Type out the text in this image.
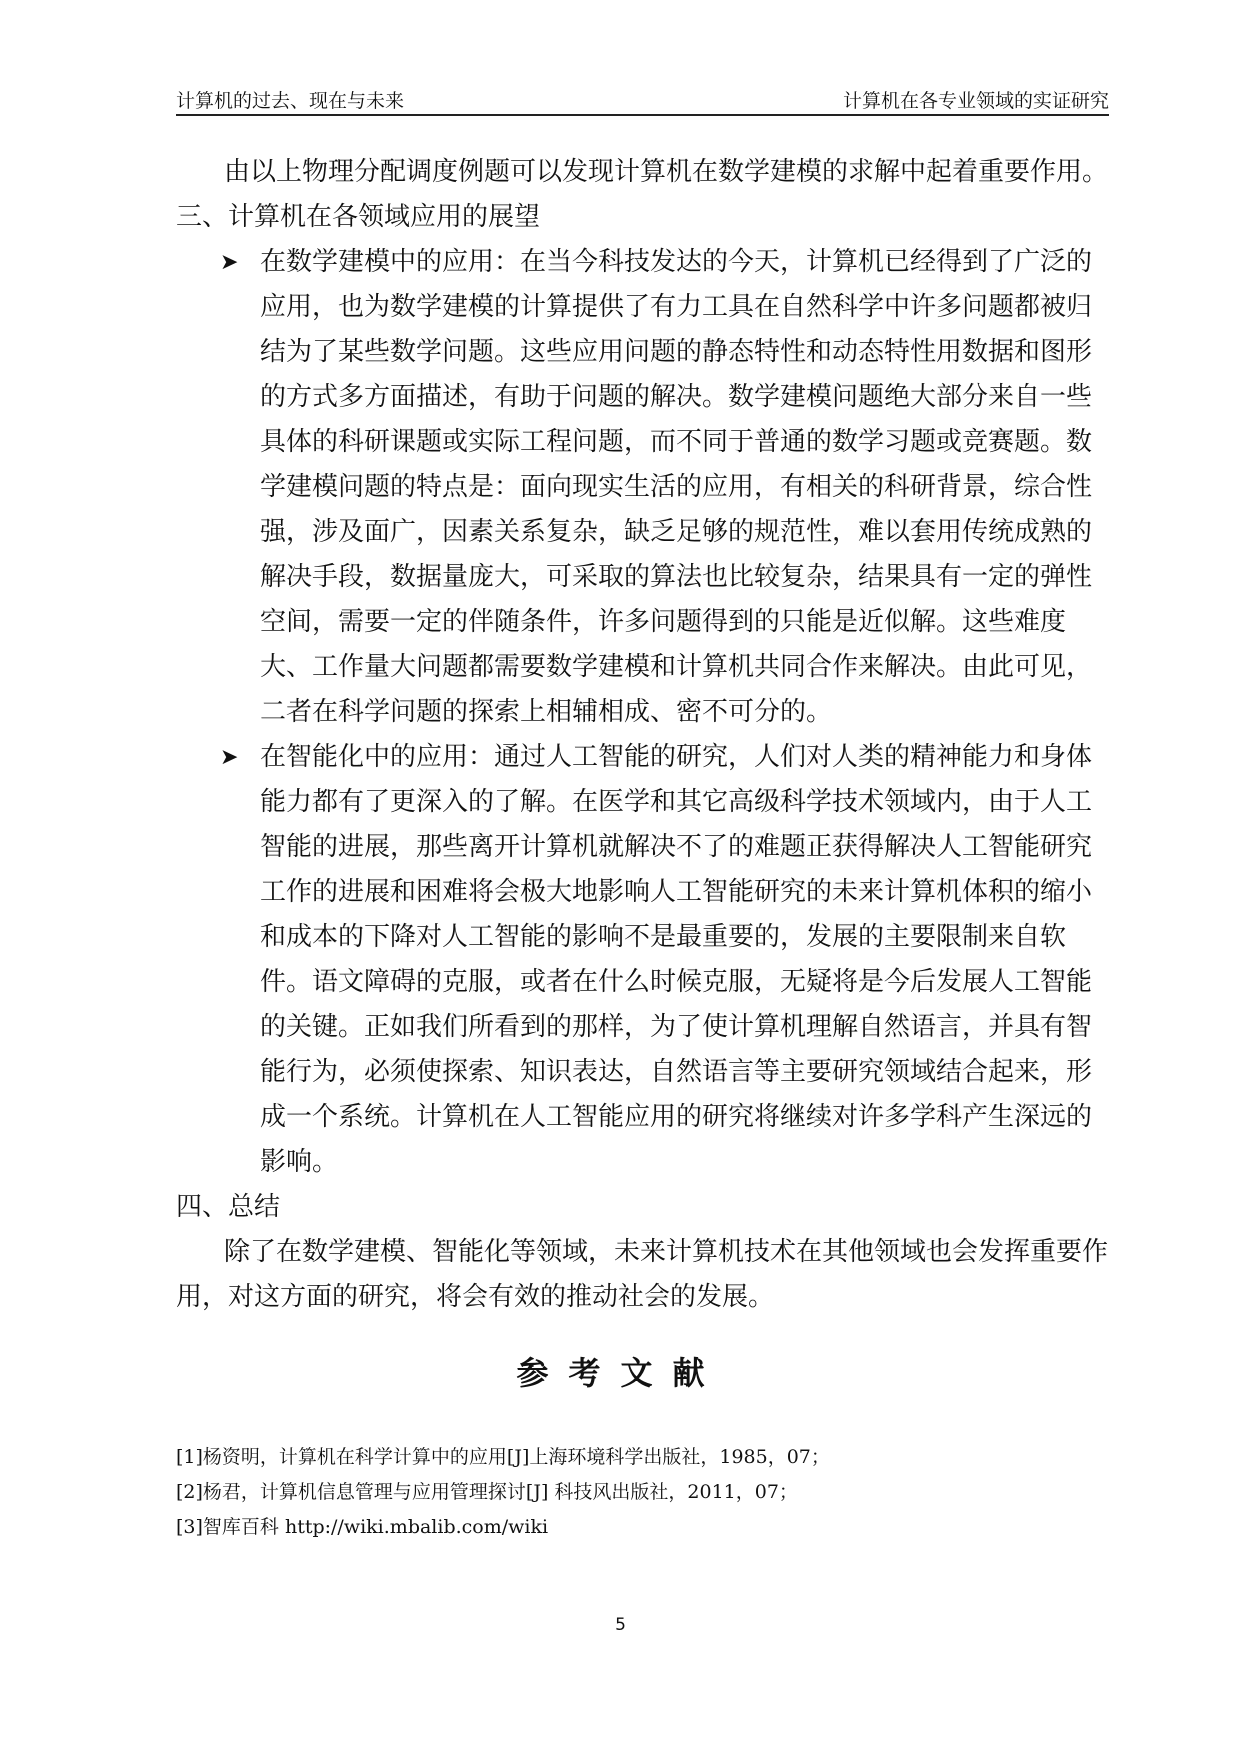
计算机的过去、现在与未来	计算机在各专业领域的实证研究

由以上物理分配调度例题可以发现计算机在数学建模的求解中起着重要作用。

三、计算机在各领域应用的展望

➤ 在数学建模中的应用：在当今科技发达的今天，计算机已经得到了广泛的应用，也为数学建模的计算提供了有力工具在自然科学中许多问题都被归结为了某些数学问题。这些应用问题的静态特性和动态特性用数据和图形的方式多方面描述，有助于问题的解决。数学建模问题绝大部分来自一些具体的科研课题或实际工程问题，而不同于普通的数学习题或竞赛题。数学建模问题的特点是：面向现实生活的应用，有相关的科研背景，综合性强，涉及面广，因素关系复杂，缺乏足够的规范性，难以套用传统成熟的解决手段，数据量庞大，可采取的算法也比较复杂，结果具有一定的弹性空间，需要一定的伴随条件，许多问题得到的只能是近似解。这些难度大、工作量大问题都需要数学建模和计算机共同合作来解决。由此可见，二者在科学问题的探索上相辅相成、密不可分的。
➤ 在智能化中的应用：通过人工智能的研究，人们对人类的精神能力和身体能力都有了更深入的了解。在医学和其它高级科学技术领域内，由于人工智能的进展，那些离开计算机就解决不了的难题正获得解决人工智能研究工作的进展和困难将会极大地影响人工智能研究的未来计算机体积的缩小和成本的下降对人工智能的影响不是最重要的，发展的主要限制来自软件。语文障碍的克服，或者在什么时候克服，无疑将是今后发展人工智能的关键。正如我们所看到的那样，为了使计算机理解自然语言，并具有智能行为，必须使探索、知识表达，自然语言等主要研究领域结合起来，形成一个系统。计算机在人工智能应用的研究将继续对许多学科产生深远的影响。

四、总结

除了在数学建模、智能化等领域，未来计算机技术在其他领域也会发挥重要作用，对这方面的研究，将会有效的推动社会的发展。

参考文献

[1]杨资明，计算机在科学计算中的应用[J]上海环境科学出版社，1985，07；

[2]杨君，计算机信息管理与应用管理探讨[J] 科技风出版社，2011，07；

[3]智库百科 http://wiki.mbalib.com/wiki

5
